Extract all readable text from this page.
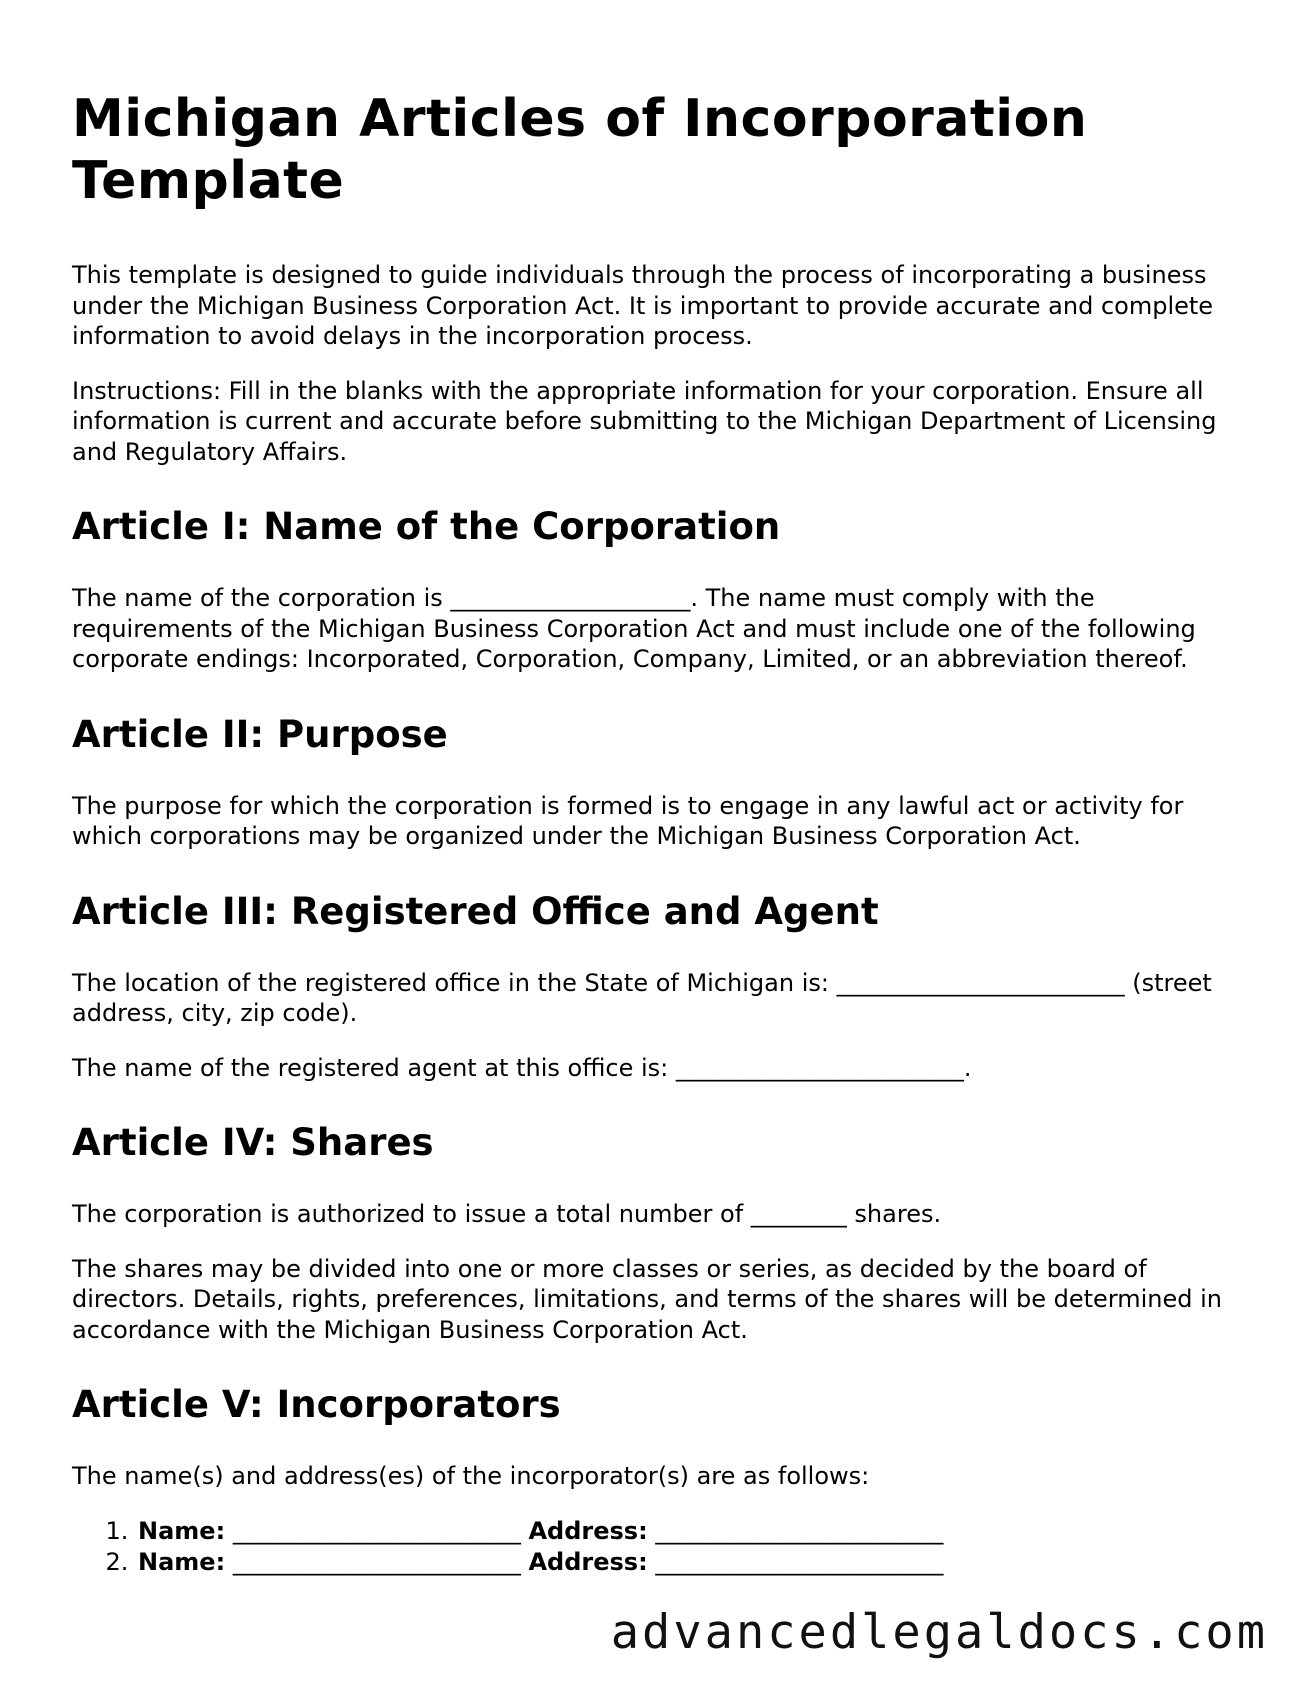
Michigan Articles of Incorporation Template

This template is designed to guide individuals through the process of incorporating a business under the Michigan Business Corporation Act. It is important to provide accurate and complete information to avoid delays in the incorporation process.

Instructions: Fill in the blanks with the appropriate information for your corporation. Ensure all information is current and accurate before submitting to the Michigan Department of Licensing and Regulatory Affairs.

Article I: Name of the Corporation

The name of the corporation is ____________________. The name must comply with the requirements of the Michigan Business Corporation Act and must include one of the following corporate endings: Incorporated, Corporation, Company, Limited, or an abbreviation thereof.

Article II: Purpose

The purpose for which the corporation is formed is to engage in any lawful act or activity for which corporations may be organized under the Michigan Business Corporation Act.

Article III: Registered Office and Agent

The location of the registered office in the State of Michigan is: ________________________ (street address, city, zip code).

The name of the registered agent at this office is: ________________________.

Article IV: Shares

The corporation is authorized to issue a total number of ________ shares.

The shares may be divided into one or more classes or series, as decided by the board of directors. Details, rights, preferences, limitations, and terms of the shares will be determined in accordance with the Michigan Business Corporation Act.

Article V: Incorporators

The name(s) and address(es) of the incorporator(s) are as follows:

1. Name: ________________________ Address: ________________________
2. Name: ________________________ Address: ________________________
advancedlegaldocs.com
